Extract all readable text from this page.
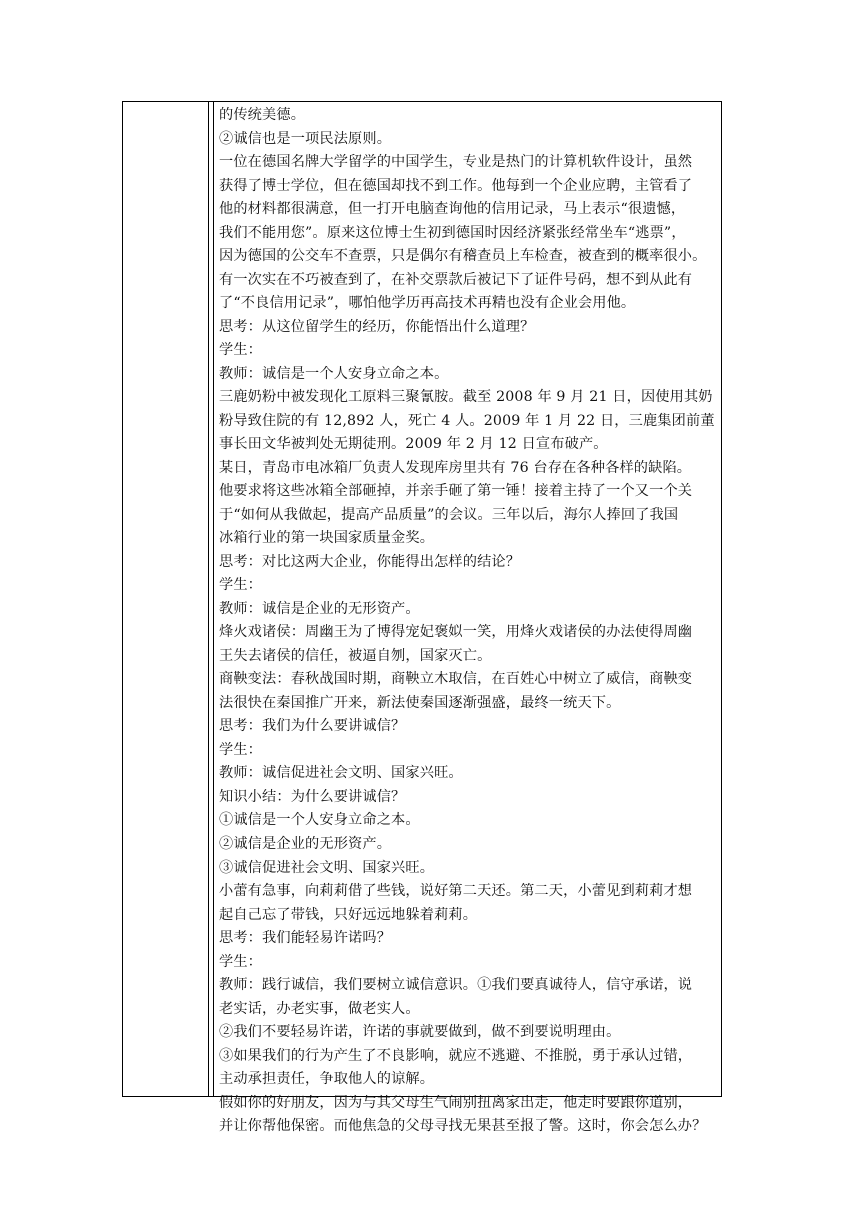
的传统美德。
②诚信也是一项民法原则。
一位在德国名牌大学留学的中国学生，专业是热门的计算机软件设计，虽然
获得了博士学位，但在德国却找不到工作。他每到一个企业应聘，主管看了
他的材料都很满意，但一打开电脑查询他的信用记录，马上表示“很遗憾，
我们不能用您”。原来这位博士生初到德国时因经济紧张经常坐车“逃票”，
因为德国的公交车不查票，只是偶尔有稽查员上车检查，被查到的概率很小。
有一次实在不巧被查到了，在补交票款后被记下了证件号码，想不到从此有
了“不良信用记录”，哪怕他学历再高技术再精也没有企业会用他。
思考：从这位留学生的经历，你能悟出什么道理？
学生：
教师：诚信是一个人安身立命之本。
三鹿奶粉中被发现化工原料三聚氰胺。截至 2008 年 9 月 21 日，因使用其奶
粉导致住院的有 12,892 人，死亡 4 人。2009 年 1 月 22 日，三鹿集团前董
事长田文华被判处无期徒刑。2009 年 2 月 12 日宣布破产。
某日，青岛市电冰箱厂负责人发现库房里共有 76 台存在各种各样的缺陷。
他要求将这些冰箱全部砸掉，并亲手砸了第一锤！接着主持了一个又一个关
于“如何从我做起，提高产品质量”的会议。三年以后，海尔人捧回了我国
冰箱行业的第一块国家质量金奖。
思考：对比这两大企业，你能得出怎样的结论？
学生：
教师：诚信是企业的无形资产。
烽火戏诸侯：周幽王为了博得宠妃褒姒一笑，用烽火戏诸侯的办法使得周幽
王失去诸侯的信任，被逼自刎，国家灭亡。
商鞅变法：春秋战国时期，商鞅立木取信，在百姓心中树立了威信，商鞅变
法很快在秦国推广开来，新法使秦国逐渐强盛，最终一统天下。
思考：我们为什么要讲诚信？
学生：
教师：诚信促进社会文明、国家兴旺。
知识小结：为什么要讲诚信？
①诚信是一个人安身立命之本。
②诚信是企业的无形资产。
③诚信促进社会文明、国家兴旺。
小蕾有急事，向莉莉借了些钱，说好第二天还。第二天，小蕾见到莉莉才想
起自己忘了带钱，只好远远地躲着莉莉。
思考：我们能轻易许诺吗？
学生：
教师：践行诚信，我们要树立诚信意识。①我们要真诚待人，信守承诺，说
老实话，办老实事，做老实人。
②我们不要轻易许诺，许诺的事就要做到，做不到要说明理由。
③如果我们的行为产生了不良影响，就应不逃避、不推脱，勇于承认过错，
主动承担责任，争取他人的谅解。
假如你的好朋友，因为与其父母生气闹别扭离家出走，他走时要跟你道别，
并让你帮他保密。而他焦急的父母寻找无果甚至报了警。这时，你会怎么办？
